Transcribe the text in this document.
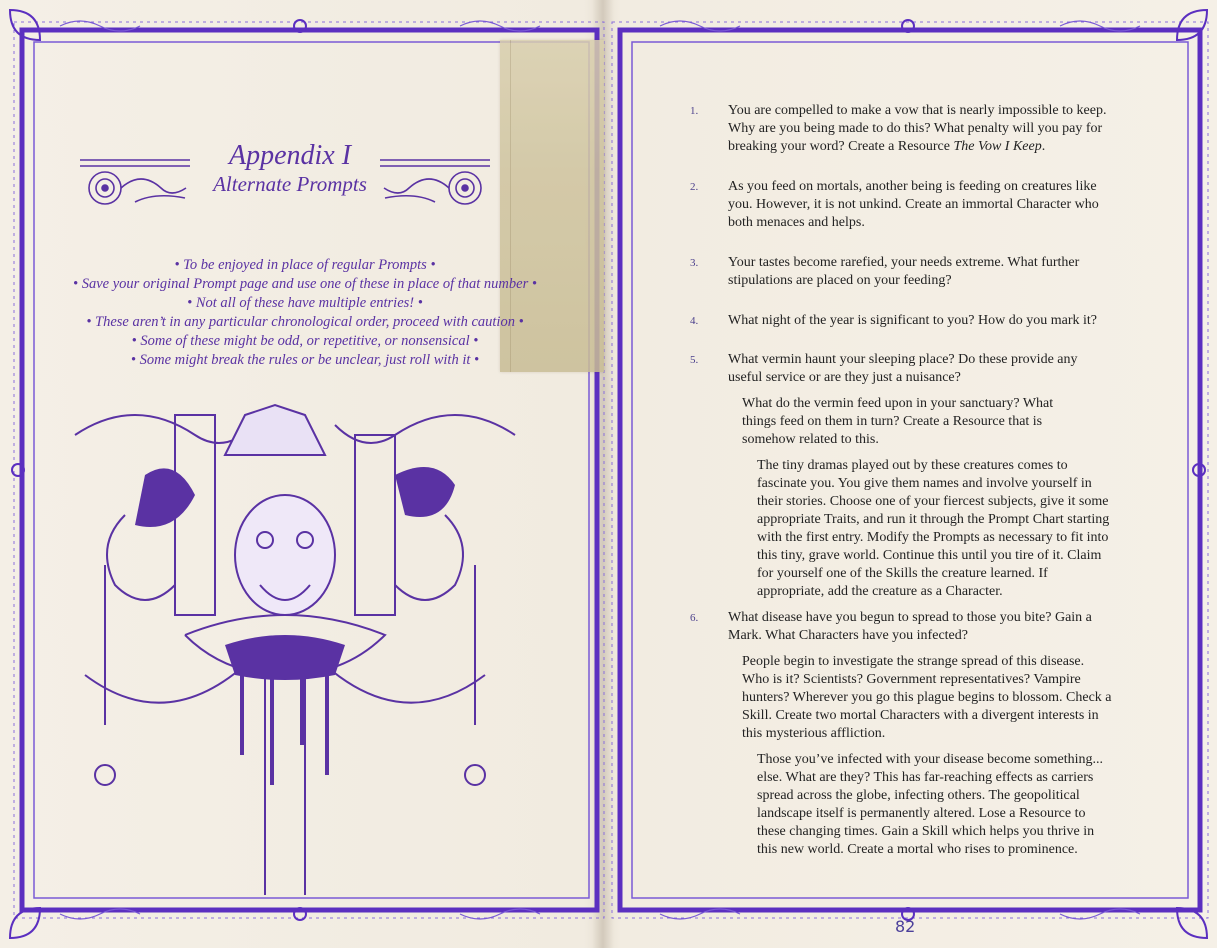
Appendix I
Alternate Prompts
• To be enjoyed in place of regular Prompts •
• Save your original Prompt page and use one of these in place of that number •
• Not all of these have multiple entries! •
• These aren’t in any particular chronological order, proceed with caution •
• Some of these might be odd, or repetitive, or nonsensical •
• Some might break the rules or be unclear, just roll with it •
1.	You are compelled to make a vow that is nearly impossible to keep. Why are you being made to do this? What penalty will you pay for breaking your word? Create a Resource The Vow I Keep.
2.	As you feed on mortals, another being is feeding on creatures like you. However, it is not unkind. Create an immortal Character who both menaces and helps.
3.	Your tastes become rarefied, your needs extreme. What further stipulations are placed on your feeding?
4.	What night of the year is significant to you? How do you mark it?
5.	What vermin haunt your sleeping place? Do these provide any useful service or are they just a nuisance?
What do the vermin feed upon in your sanctuary? What things feed on them in turn? Create a Resource that is somehow related to this.
The tiny dramas played out by these creatures comes to fascinate you. You give them names and involve yourself in their stories. Choose one of your fiercest subjects, give it some appropriate Traits, and run it through the Prompt Chart starting with the first entry. Modify the Prompts as necessary to fit into this tiny, grave world. Continue this until you tire of it. Claim for yourself one of the Skills the creature learned. If appropriate, add the creature as a Character.
6.	What disease have you begun to spread to those you bite? Gain a Mark. What Characters have you infected?
People begin to investigate the strange spread of this disease. Who is it? Scientists? Government representatives? Vampire hunters? Wherever you go this plague begins to blossom. Check a Skill. Create two mortal Characters with a divergent interests in this mysterious affliction.
Those you’ve infected with your disease become something... else. What are they? This has far-reaching effects as carriers spread across the globe, infecting others. The geopolitical landscape itself is permanently altered. Lose a Resource to these changing times. Gain a Skill which helps you thrive in this new world. Create a mortal who rises to prominence.
82
